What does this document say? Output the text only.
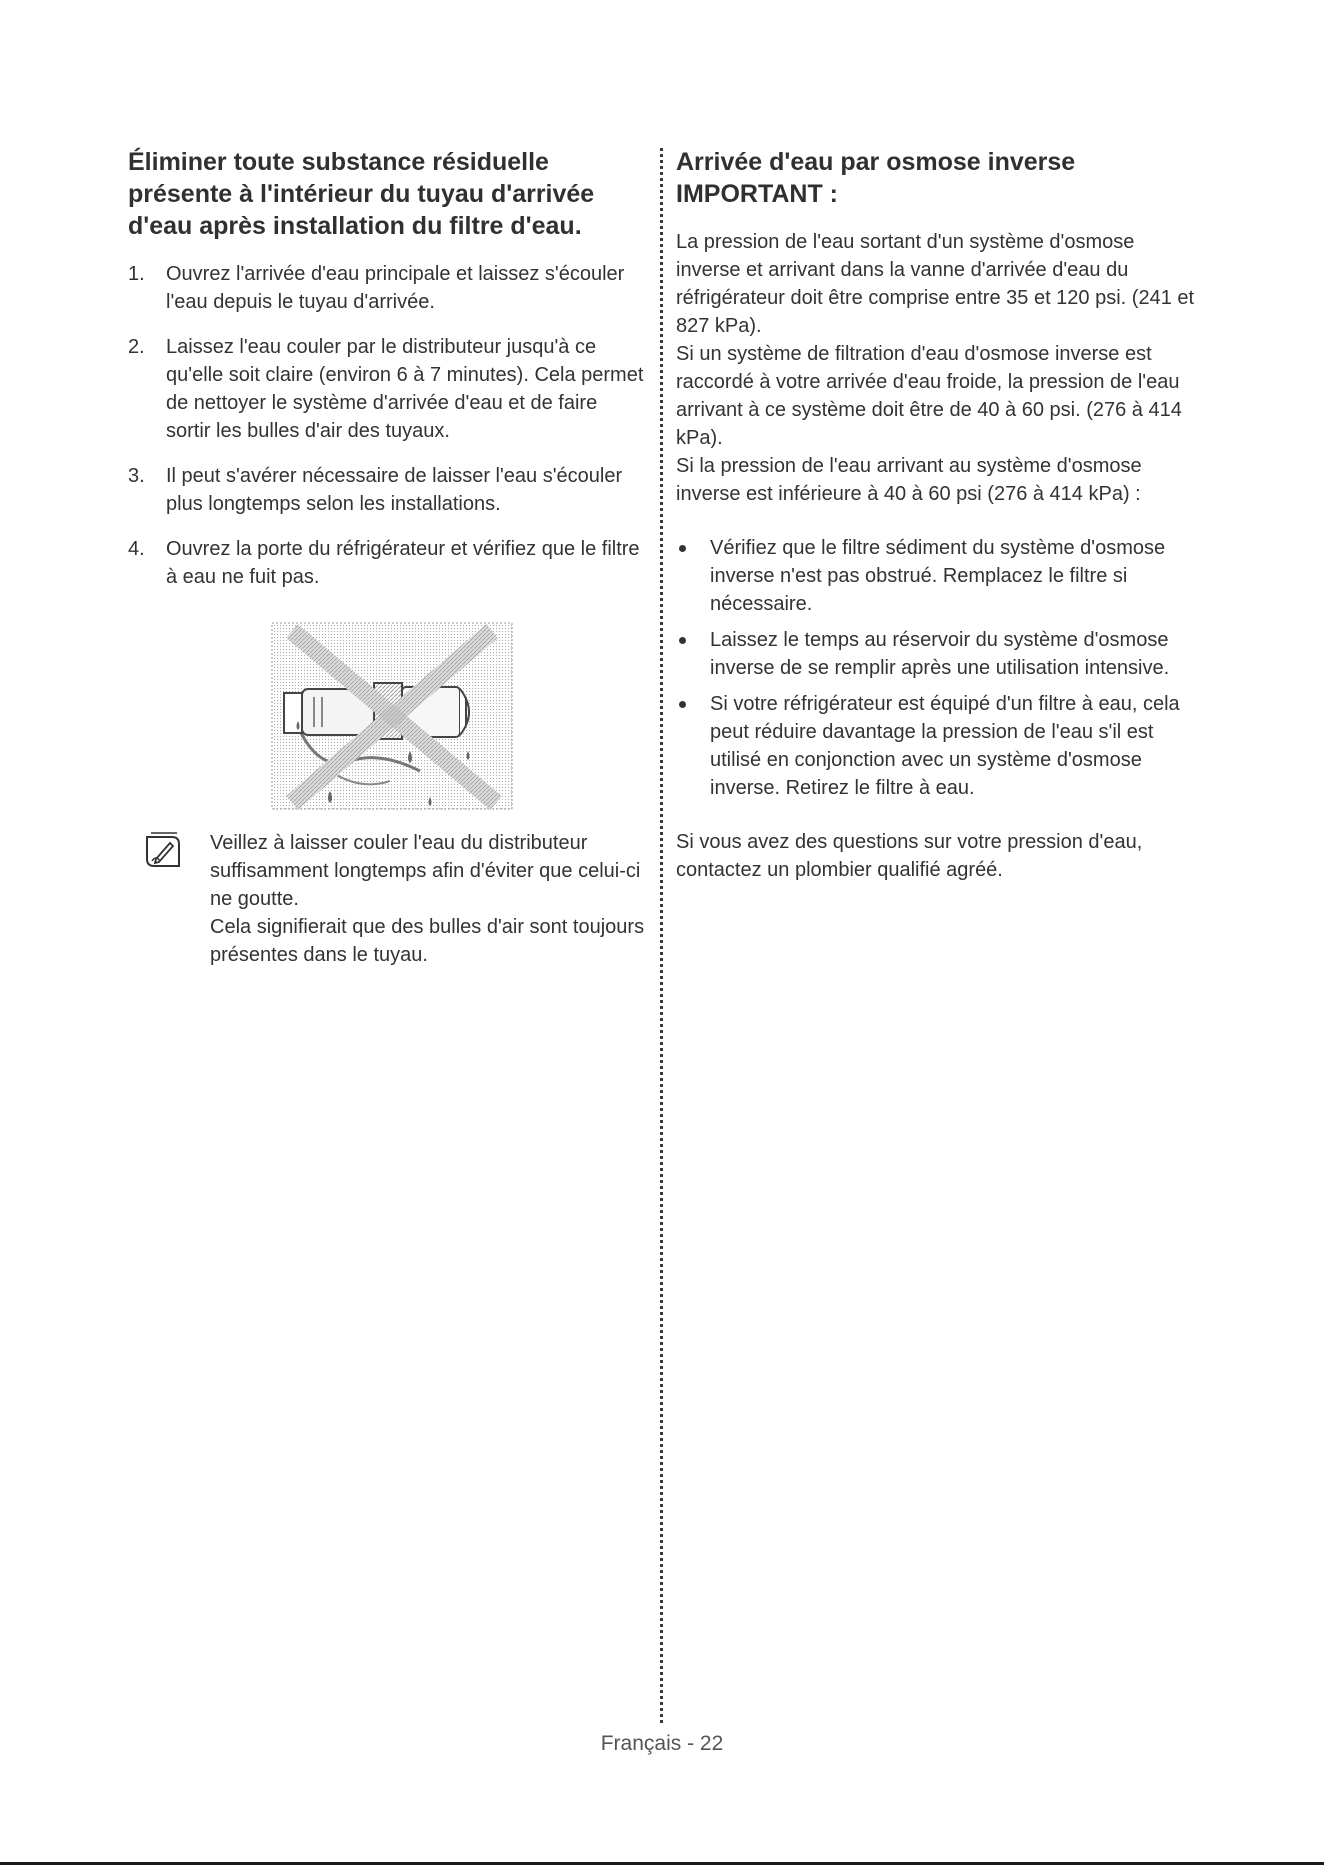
Éliminer toute substance résiduelle présente à l'intérieur du tuyau d'arrivée d'eau après installation du filtre d'eau.
1.	Ouvrez l'arrivée d'eau principale et laissez s'écouler l'eau depuis le tuyau d'arrivée.
2.	Laissez l'eau couler par le distributeur jusqu'à ce qu'elle soit claire (environ 6 à 7 minutes). Cela permet de nettoyer le système d'arrivée d'eau et de faire sortir les bulles d'air des tuyaux.
3.	Il peut s'avérer nécessaire de laisser l'eau s'écouler plus longtemps selon les installations.
4.	Ouvrez la porte du réfrigérateur et vérifiez que le filtre à eau ne fuit pas.

Veillez à laisser couler l'eau du distributeur suffisamment longtemps afin d'éviter que celui-ci ne goutte.

Cela signifierait que des bulles d'air sont toujours présentes dans le tuyau.

Arrivée d'eau par osmose inverse
IMPORTANT :

La pression de l'eau sortant d'un système d'osmose inverse et arrivant dans la vanne d'arrivée d'eau du réfrigérateur doit être comprise entre 35 et 120 psi. (241 et 827 kPa).

Si un système de filtration d'eau d'osmose inverse est raccordé à votre arrivée d'eau froide, la pression de l'eau arrivant à ce système doit être de 40 à 60 psi. (276 à 414 kPa).

Si la pression de l'eau arrivant au système d'osmose inverse est inférieure à 40 à 60 psi (276 à 414 kPa) :

Vérifiez que le filtre sédiment du système d'osmose inverse n'est pas obstrué. Remplacez le filtre si nécessaire.
Laissez le temps au réservoir du système d'osmose inverse de se remplir après une utilisation intensive.
Si votre réfrigérateur est équipé d'un filtre à eau, cela peut réduire davantage la pression de l'eau s'il est utilisé en conjonction avec un système d'osmose inverse. Retirez le filtre à eau.

Si vous avez des questions sur votre pression d'eau, contactez un plombier qualifié agréé.

Français - 22
